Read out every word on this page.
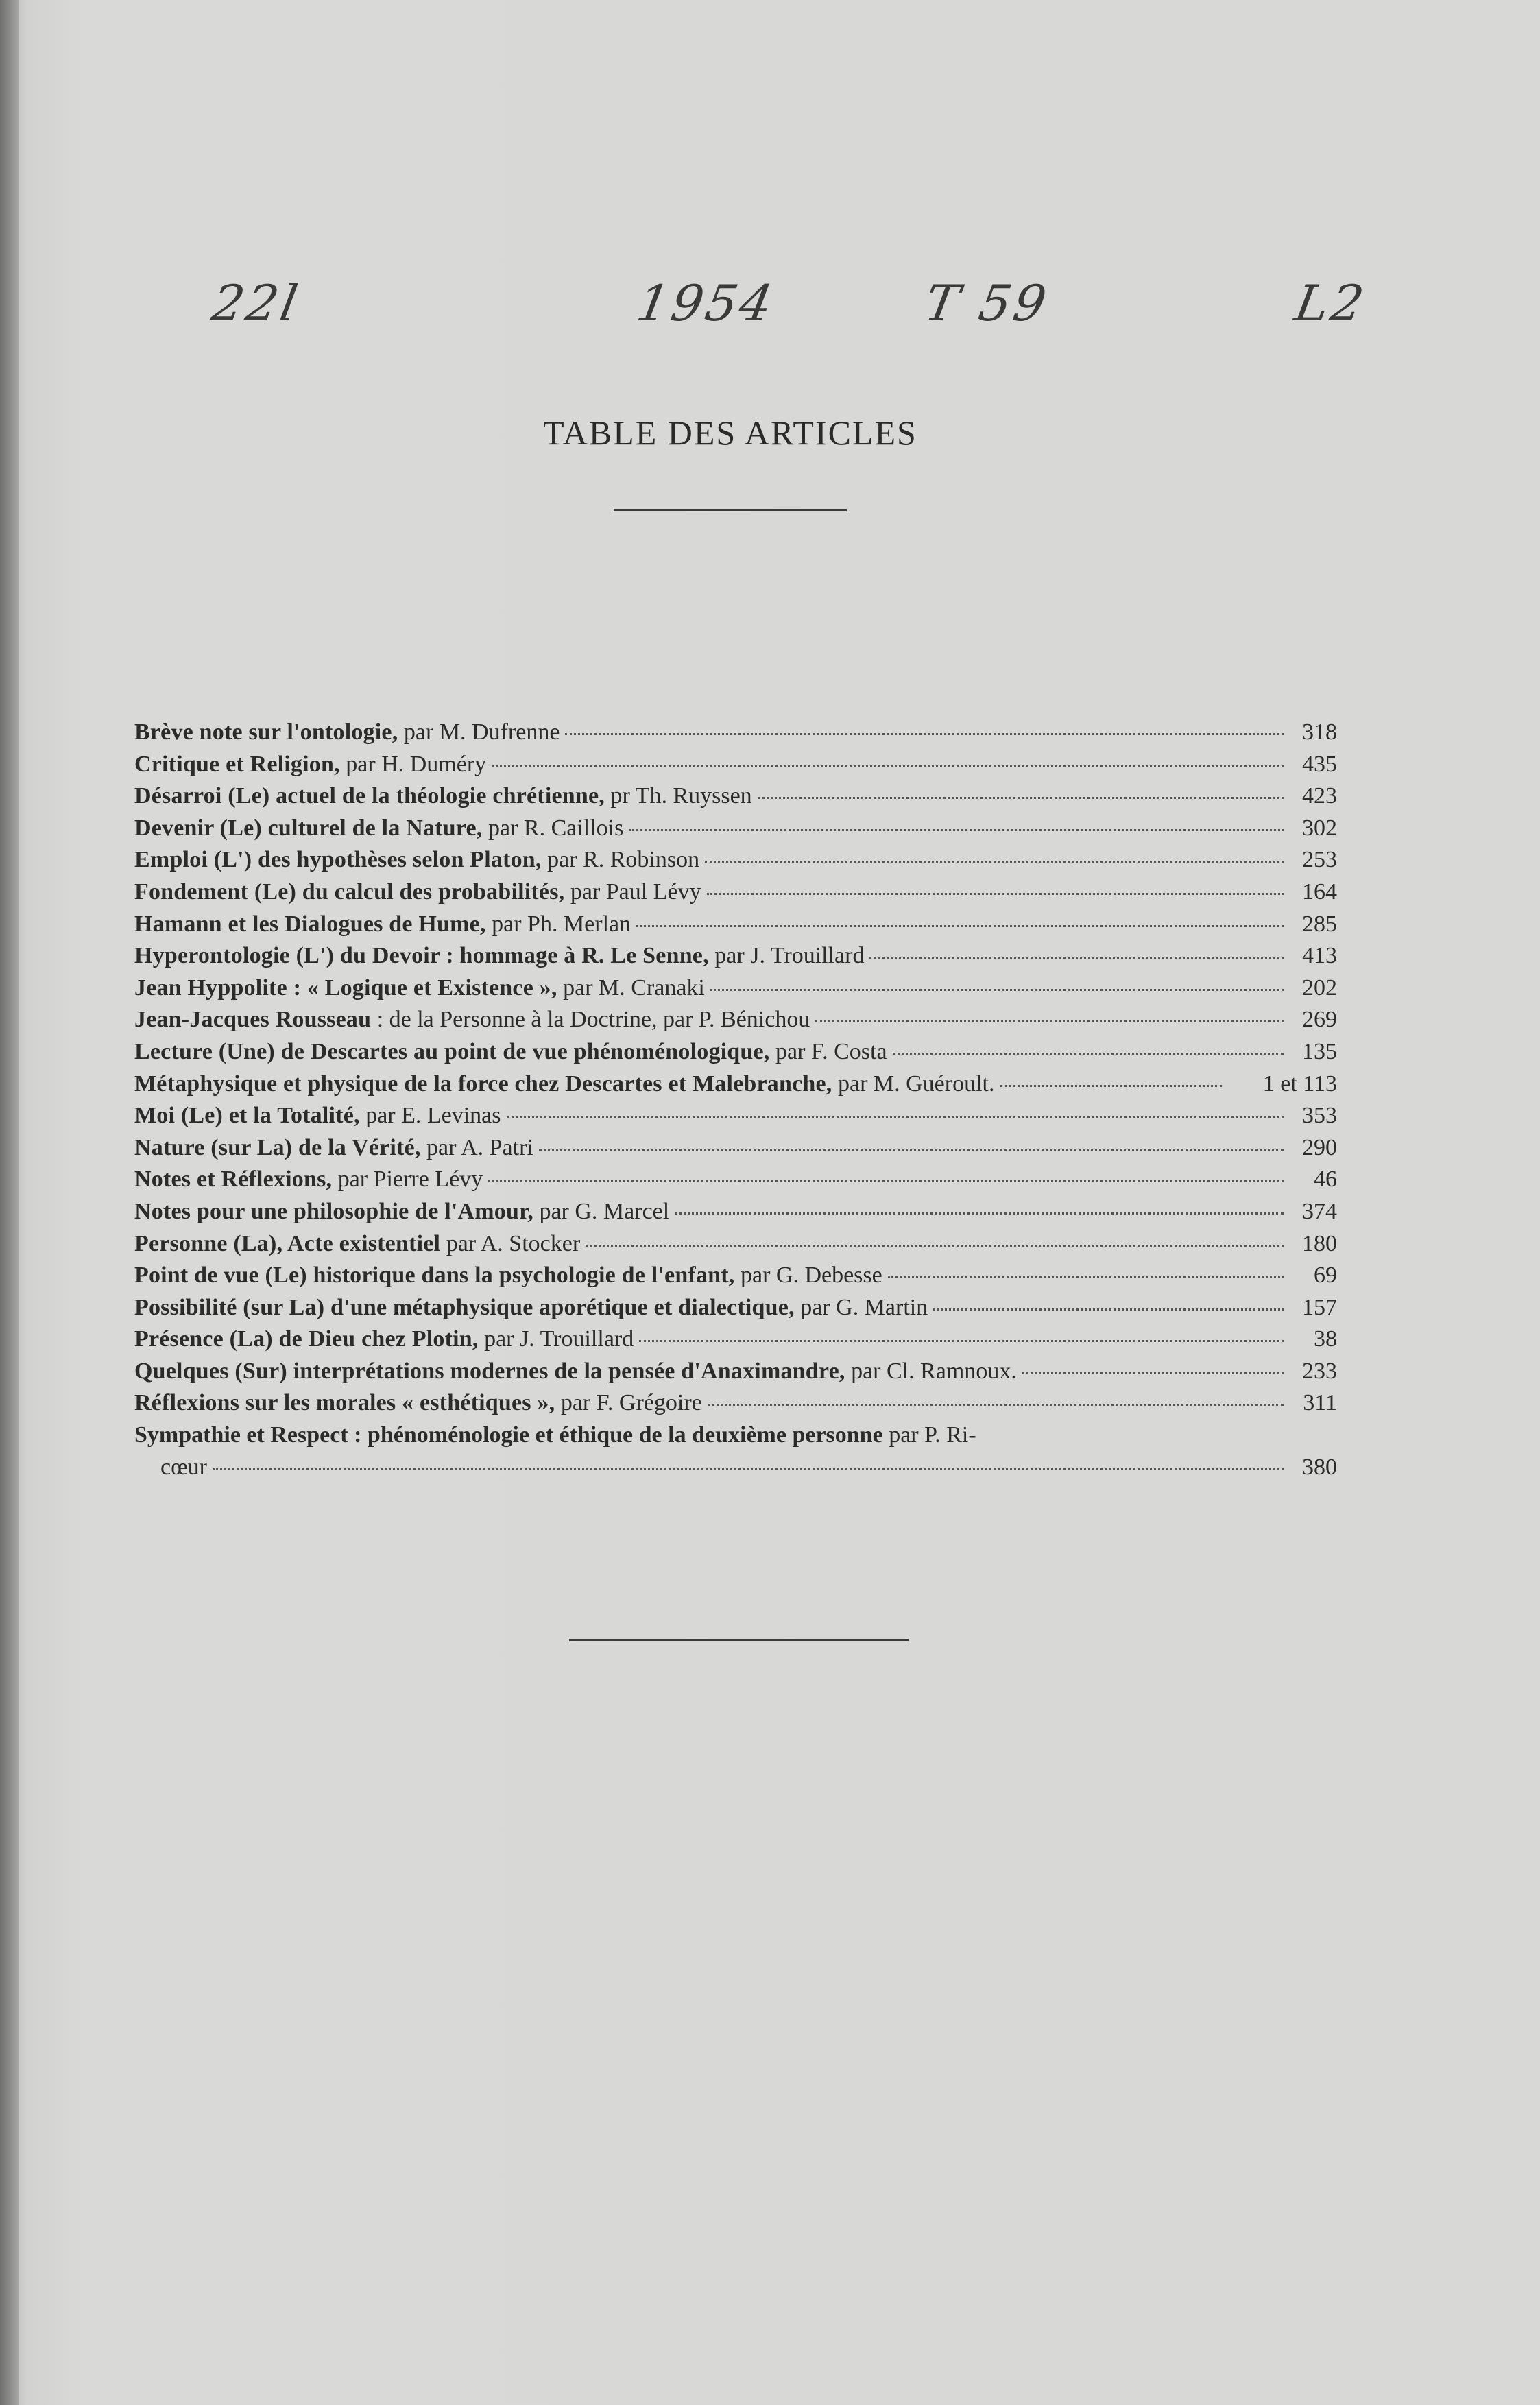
22l	1954	T 59	L2
TABLE DES ARTICLES
Brève note sur l'ontologie, par M. Dufrenne	318
Critique et Religion, par H. Duméry	435
Désarroi (Le) actuel de la théologie chrétienne, pr Th. Ruyssen	423
Devenir (Le) culturel de la Nature, par R. Caillois	302
Emploi (L') des hypothèses selon Platon, par R. Robinson	253
Fondement (Le) du calcul des probabilités, par Paul Lévy	164
Hamann et les Dialogues de Hume, par Ph. Merlan	285
Hyperontologie (L') du Devoir : hommage à R. Le Senne, par J. Trouillard	413
Jean Hyppolite : « Logique et Existence », par M. Cranaki	202
Jean-Jacques Rousseau : de la Personne à la Doctrine, par P. Bénichou	269
Lecture (Une) de Descartes au point de vue phénoménologique, par F. Costa	135
Métaphysique et physique de la force chez Descartes et Malebranche, par M. Guéroult.	1 et 113
Moi (Le) et la Totalité, par E. Levinas	353
Nature (sur La) de la Vérité, par A. Patri	290
Notes et Réflexions, par Pierre Lévy	46
Notes pour une philosophie de l'Amour, par G. Marcel	374
Personne (La), Acte existentiel par A. Stocker	180
Point de vue (Le) historique dans la psychologie de l'enfant, par G. Debesse	69
Possibilité (sur La) d'une métaphysique aporétique et dialectique, par G. Martin	157
Présence (La) de Dieu chez Plotin, par J. Trouillard	38
Quelques (Sur) interprétations modernes de la pensée d'Anaximandre, par Cl. Ramnoux.	233
Réflexions sur les morales « esthétiques », par F. Grégoire	311
Sympathie et Respect : phénoménologie et éthique de la deuxième personne par P. Ri-
cœur	380
